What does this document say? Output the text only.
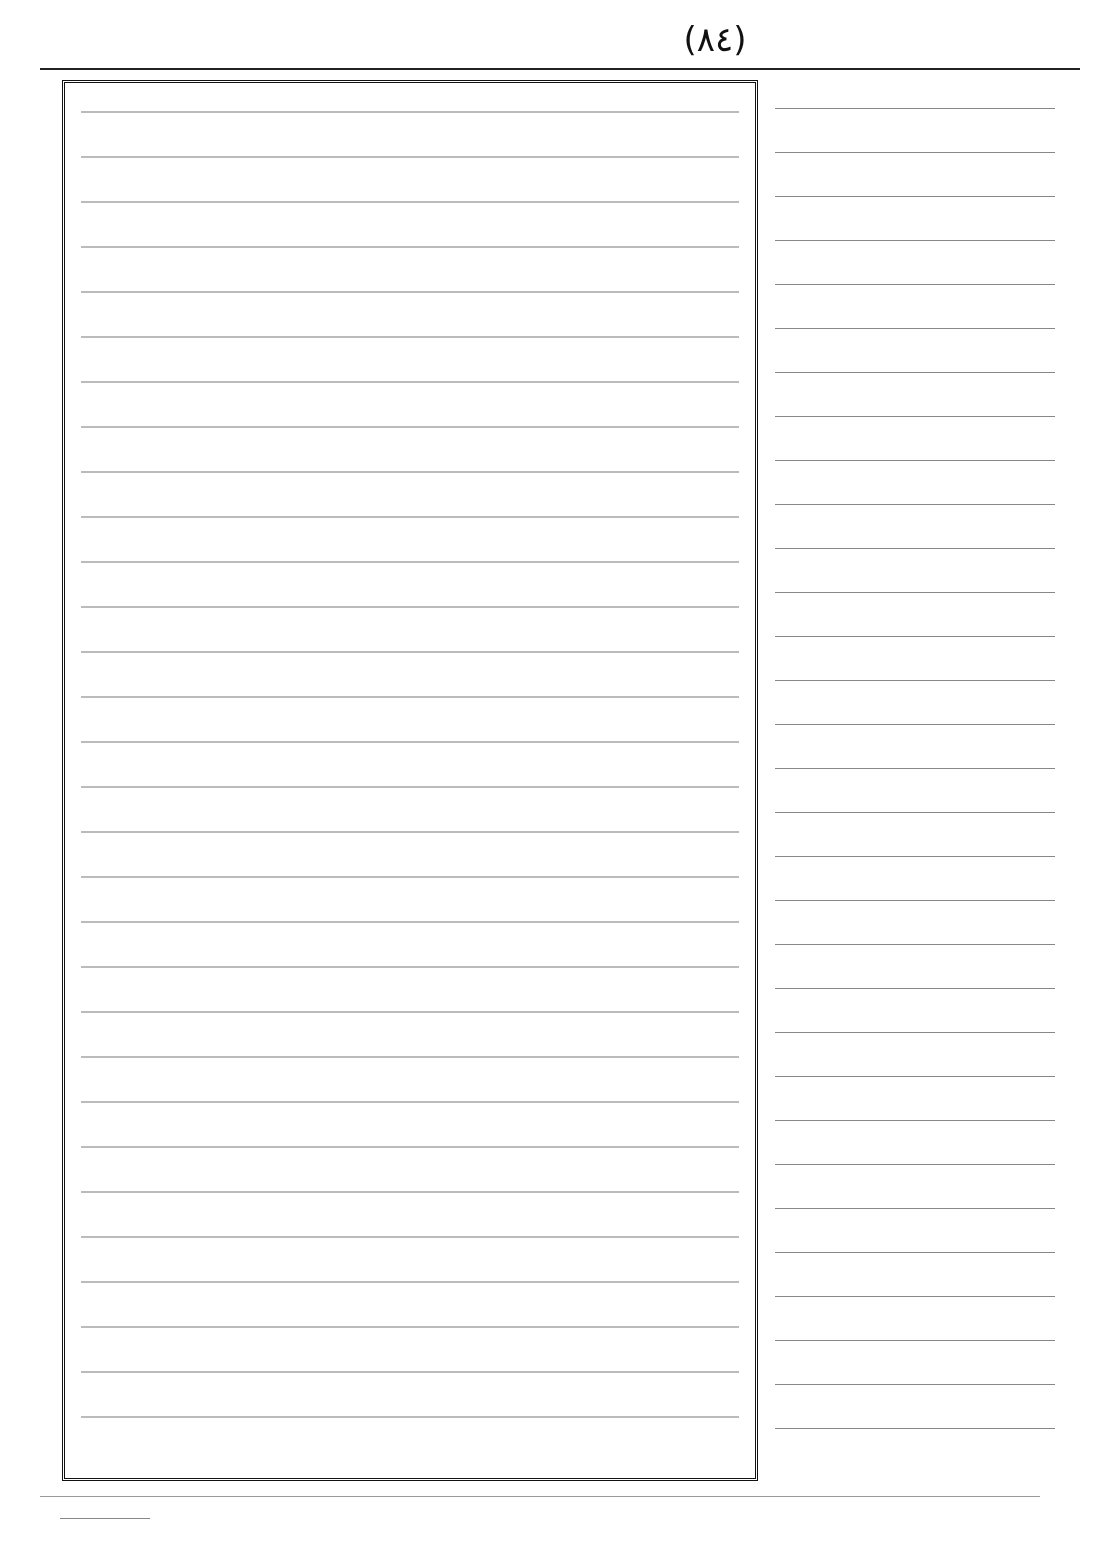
(٨٤)
